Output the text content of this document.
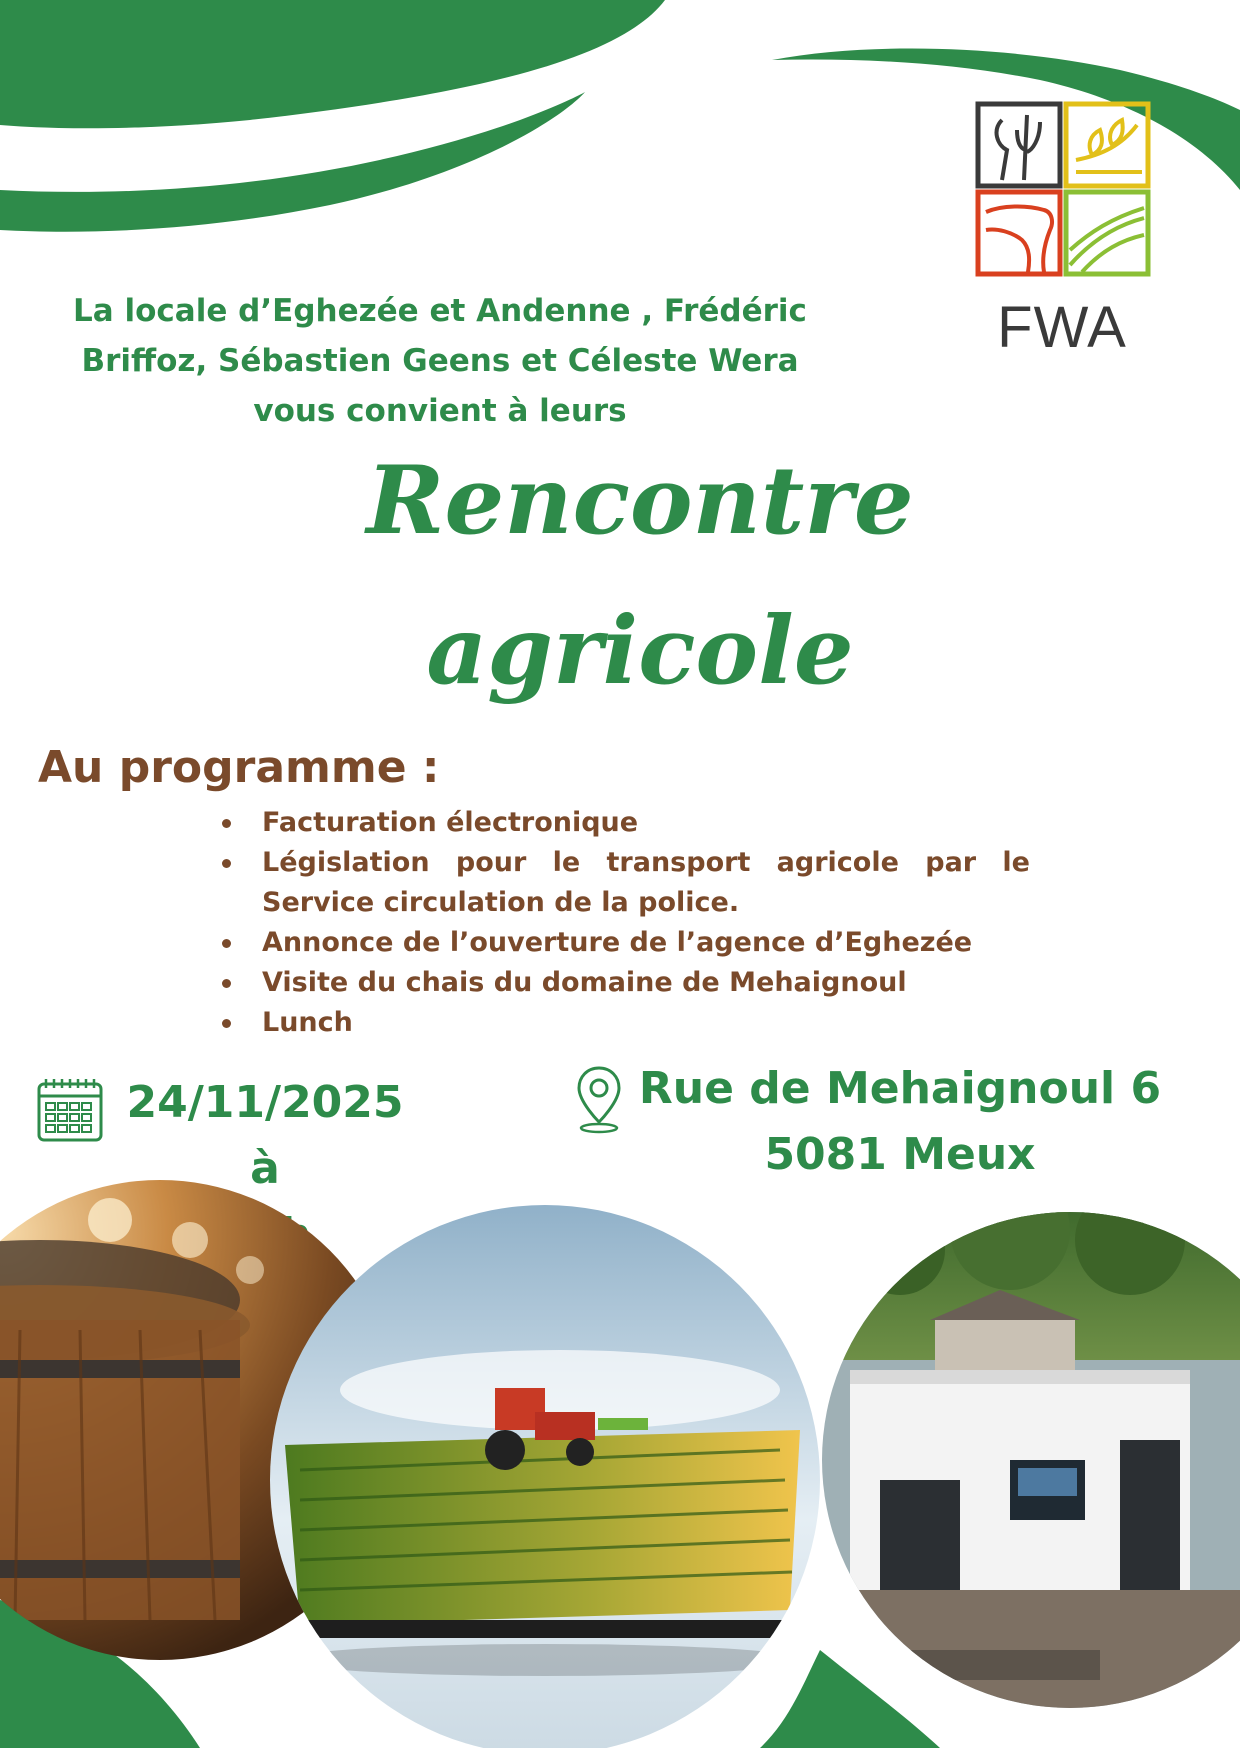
FWA
La locale d’Eghezée et Andenne , Frédéric
Briffoz, Sébastien Geens et Céleste Wera
vous convient à leurs
Rencontre
agricole
Au programme :
Facturation électronique
Législation pour le transport agricole par le Service circulation de la police.
Annonce de l’ouverture de l’agence d’Eghezée
Visite du chais du domaine de Mehaignoul
Lunch
24/11/2025 à
Rue de Mehaignoul 6
5081 Meux
